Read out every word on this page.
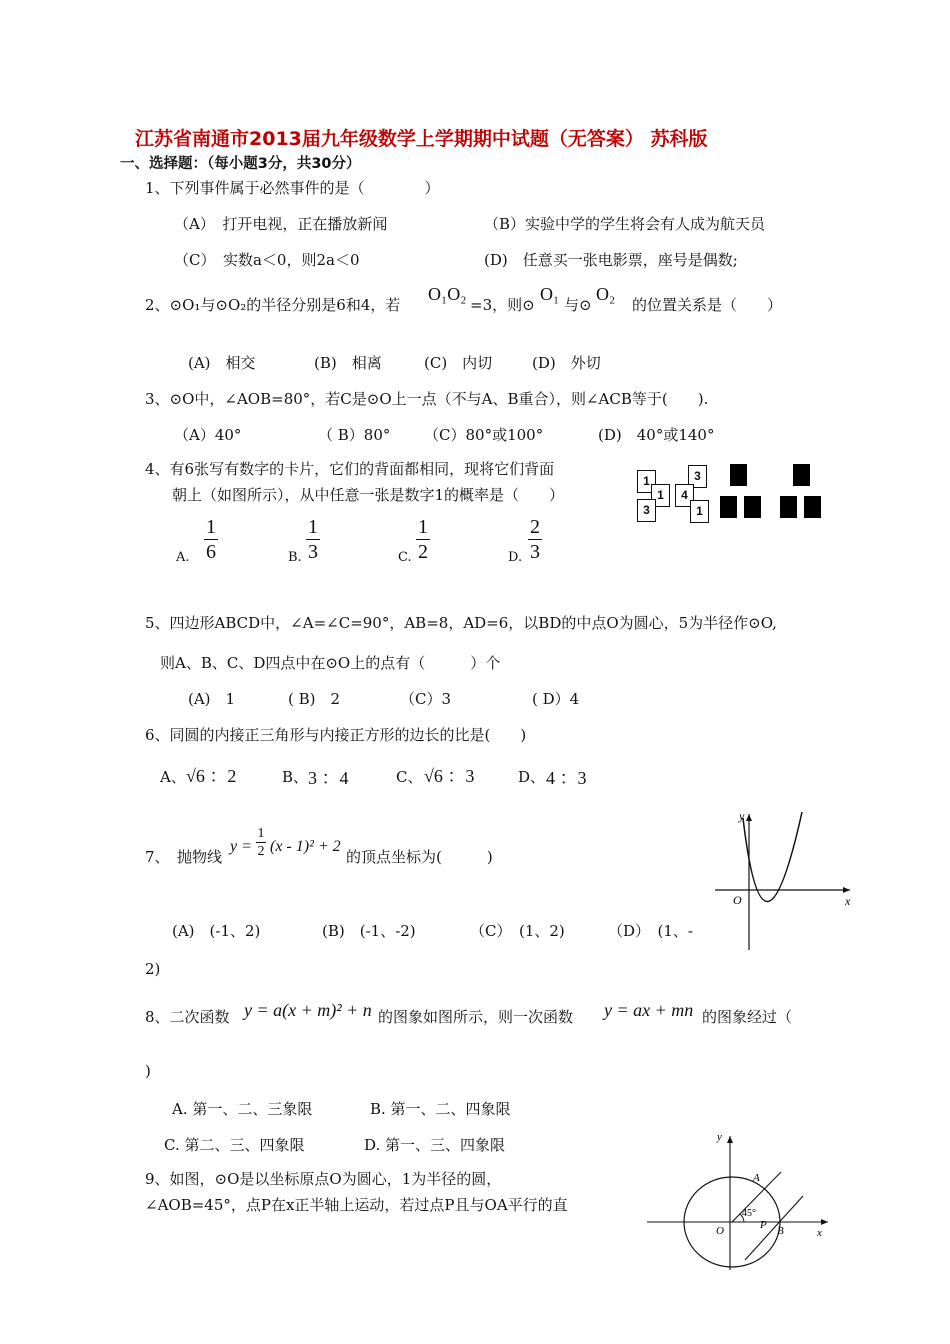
江苏省南通市2013届九年级数学上学期期中试题（无答案） 苏科版
一、选择题：（每小题3分，共30分）
1、下列事件属于必然事件的是（　　　　）
（A）　打开电视，正在播放新闻	（B）实验中学的学生将会有人成为航天员
（C）　实数a＜0，则2a＜0	(D)　任意买一张电影票，座号是偶数;
2、⊙O₁与⊙O₂的半径分别是6和4，若
O₁O₂
=3，则⊙
O₁
与⊙
O₂
的位置关系是（　　）
(A)　相交	(B)　相离	(C)　内切	(D)　外切
3、⊙O中，∠AOB=80°，若C是⊙O上一点（不与A、B重合），则∠ACB等于(　　).
（A）40°	（ B）80° （C）80°或100°	(D)　40°或140°
4、有6张写有数字的卡片，它们的背面都相同，现将它们背面
朝上（如图所示），从中任意一张是数字1的概率是（　　）
A.
1
6	B.
1
3	C.
1
2	D.
2
3
1
1
3
3
4
1
5、四边形ABCD中，∠A=∠C=90°，AB=8，AD=6，以BD的中点O为圆心，5为半径作⊙O,
则A、B、C、D四点中在⊙O上的点有（　　　）个
(A)　1	( B)　2	（C）3	( D）4
6、同圆的内接正三角形与内接正方形的边长的比是(　　)
A、 √6 ：2	B、 3 ：4	C、 √6 ：3	D、 4 ：3
7、　抛物线
y =
1
2 (x - 1)² + 2
的顶点坐标为(　　　)
(A)　(-1、2)	(B)　(-1、-2)	（C）　(1、2)	（D）　(1、-
2)
x
y
O
8、二次函数 y = a(x + m)² + n 的图象如图所示，则一次函数 y = ax + mn 的图象经过（
)
A. 第一、二、三象限	B. 第一、二、四象限
C. 第二、三、四象限	D. 第一、三、四象限
9、如图，⊙O是以坐标原点O为圆心，1为半径的圆，
∠AOB=45°，点P在x正半轴上运动，若过点P且与OA平行的直
A
B
P
O	x
y
45°
